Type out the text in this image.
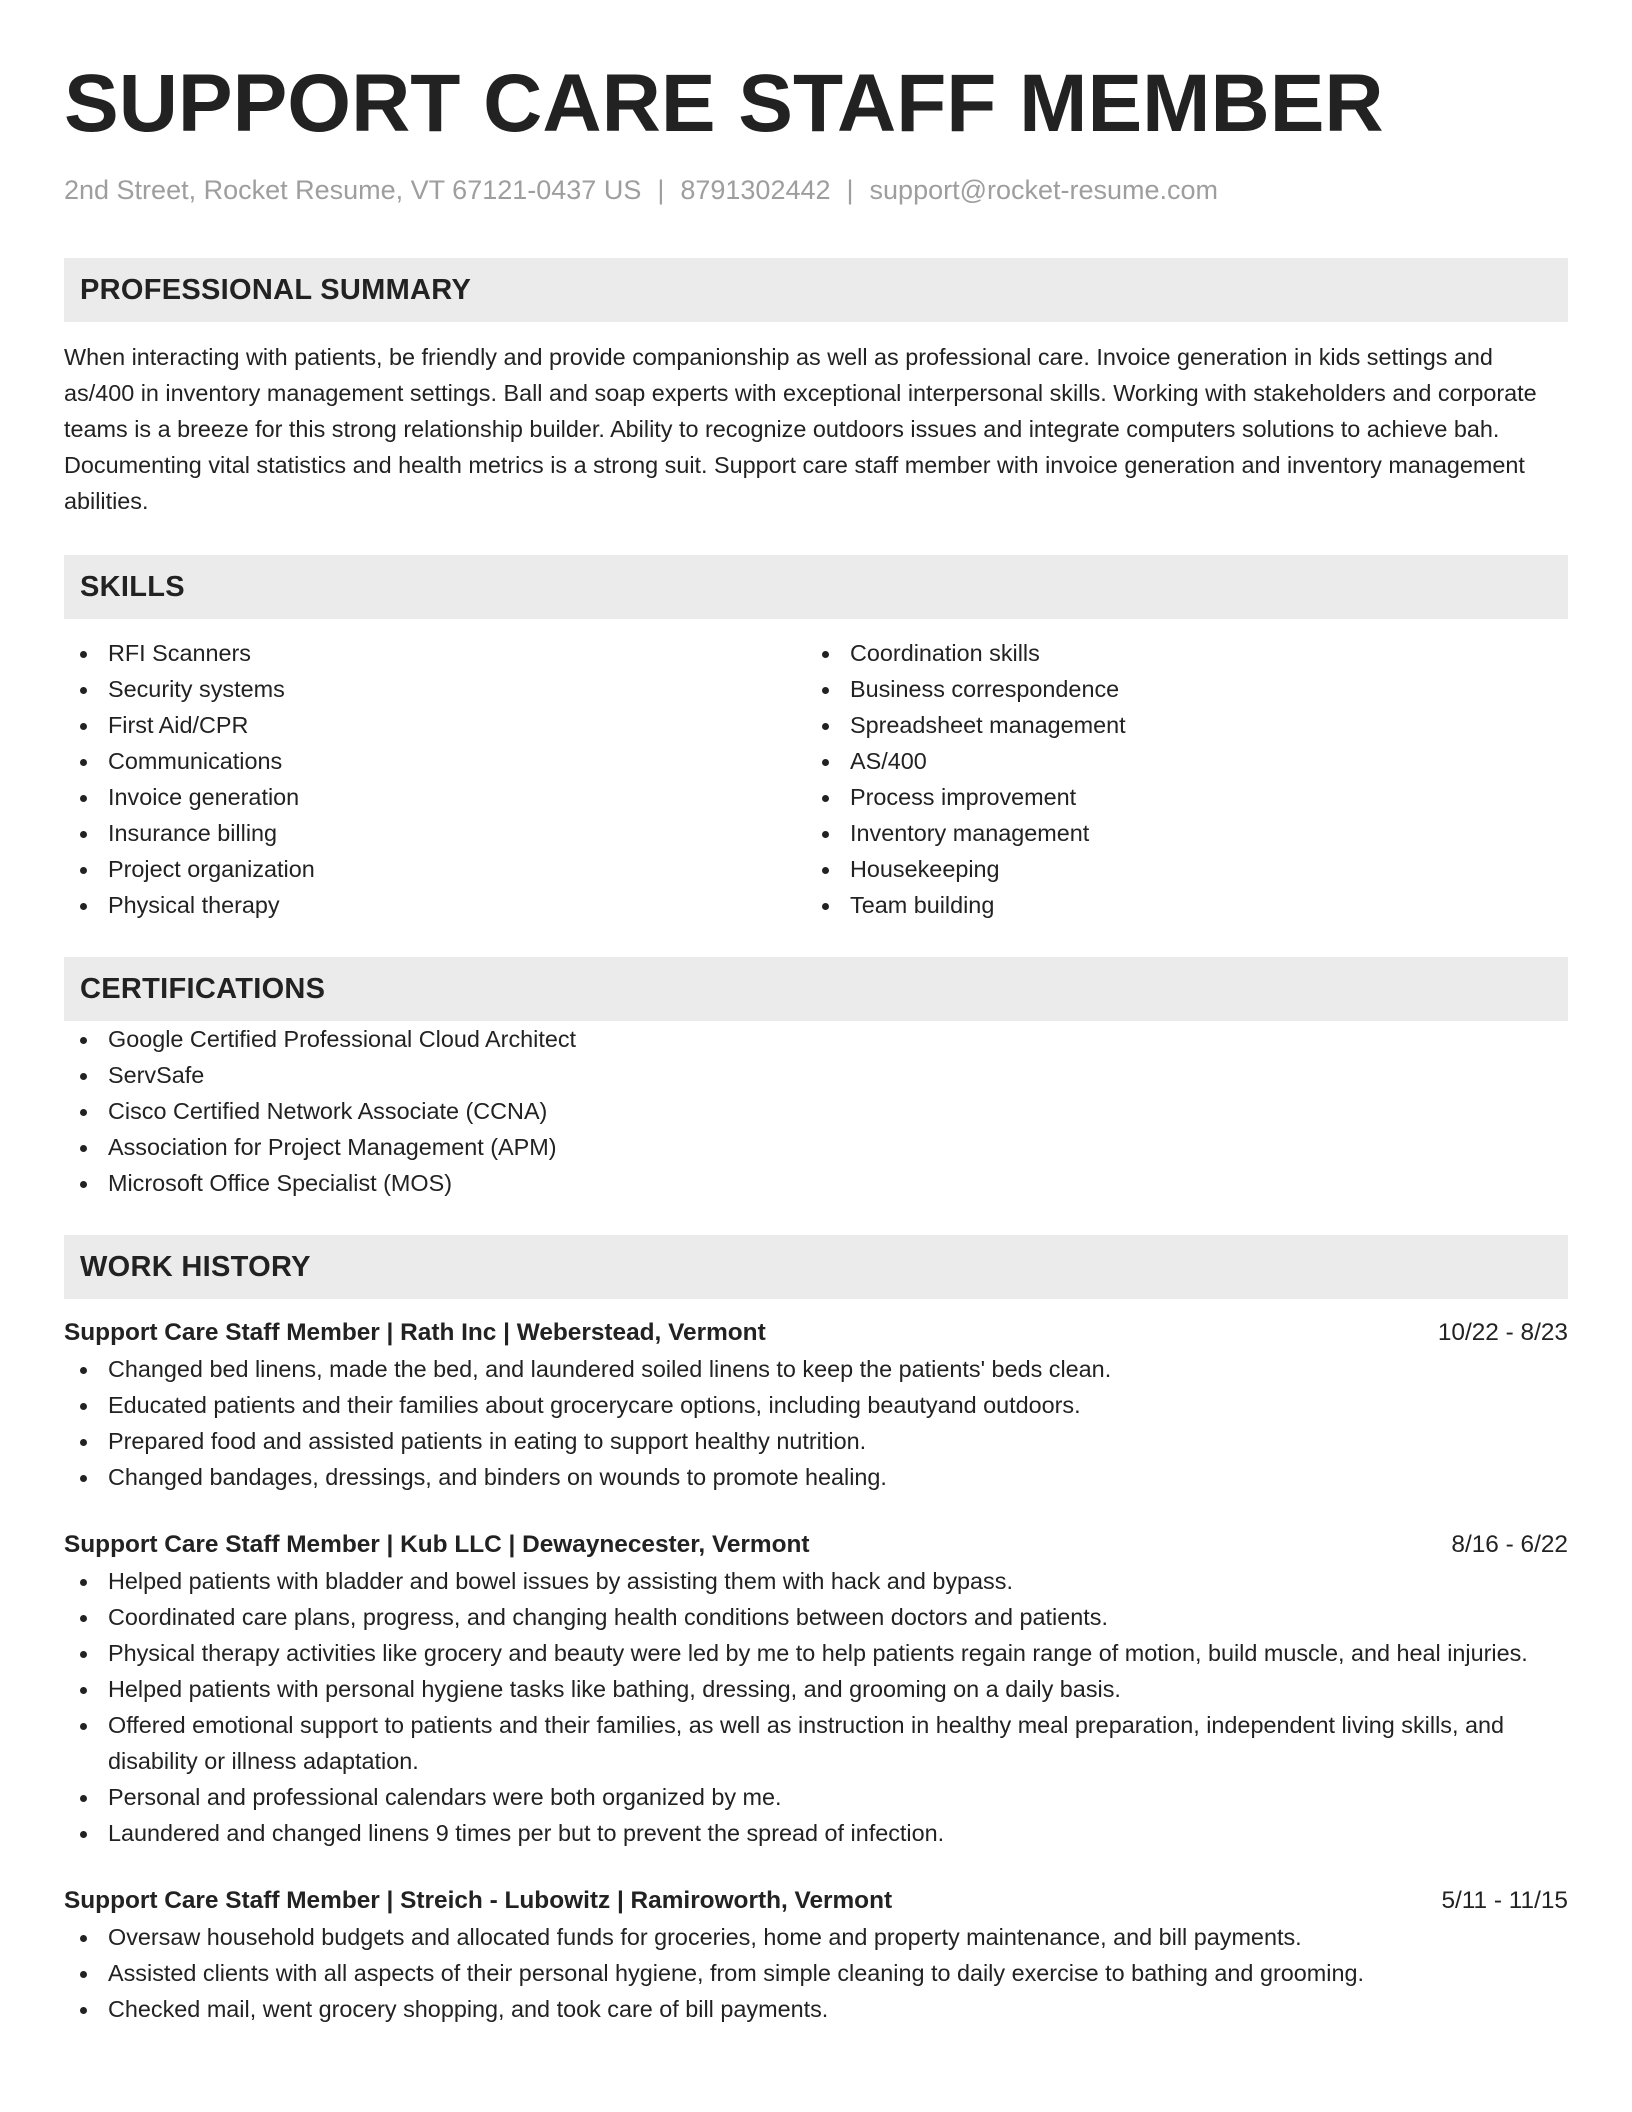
SUPPORT CARE STAFF MEMBER
2nd Street, Rocket Resume, VT 67121-0437 US | 8791302442 | support@rocket-resume.com
PROFESSIONAL SUMMARY
When interacting with patients, be friendly and provide companionship as well as professional care. Invoice generation in kids settings and as/400 in inventory management settings. Ball and soap experts with exceptional interpersonal skills. Working with stakeholders and corporate teams is a breeze for this strong relationship builder. Ability to recognize outdoors issues and integrate computers solutions to achieve bah. Documenting vital statistics and health metrics is a strong suit. Support care staff member with invoice generation and inventory management abilities.
SKILLS
RFI Scanners
Security systems
First Aid/CPR
Communications
Invoice generation
Insurance billing
Project organization
Physical therapy
Coordination skills
Business correspondence
Spreadsheet management
AS/400
Process improvement
Inventory management
Housekeeping
Team building
CERTIFICATIONS
Google Certified Professional Cloud Architect
ServSafe
Cisco Certified Network Associate (CCNA)
Association for Project Management (APM)
Microsoft Office Specialist (MOS)
WORK HISTORY
Support Care Staff Member | Rath Inc | Weberstead, Vermont	10/22 - 8/23
Changed bed linens, made the bed, and laundered soiled linens to keep the patients' beds clean.
Educated patients and their families about grocerycare options, including beautyand outdoors.
Prepared food and assisted patients in eating to support healthy nutrition.
Changed bandages, dressings, and binders on wounds to promote healing.
Support Care Staff Member | Kub LLC | Dewaynecester, Vermont	8/16 - 6/22
Helped patients with bladder and bowel issues by assisting them with hack and bypass.
Coordinated care plans, progress, and changing health conditions between doctors and patients.
Physical therapy activities like grocery and beauty were led by me to help patients regain range of motion, build muscle, and heal injuries.
Helped patients with personal hygiene tasks like bathing, dressing, and grooming on a daily basis.
Offered emotional support to patients and their families, as well as instruction in healthy meal preparation, independent living skills, and disability or illness adaptation.
Personal and professional calendars were both organized by me.
Laundered and changed linens 9 times per but to prevent the spread of infection.
Support Care Staff Member | Streich - Lubowitz | Ramiroworth, Vermont	5/11 - 11/15
Oversaw household budgets and allocated funds for groceries, home and property maintenance, and bill payments.
Assisted clients with all aspects of their personal hygiene, from simple cleaning to daily exercise to bathing and grooming.
Checked mail, went grocery shopping, and took care of bill payments.
